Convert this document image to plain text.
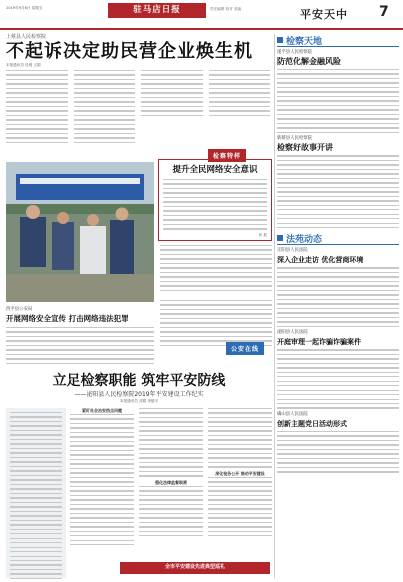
2019年9月6日 星期五	驻马店日报	责任编辑 校对 美编	平安天中 7
上蔡县人民检察院
不起诉决定助民营企业焕生机
本报通讯员 杜明 王娟
检察特样
提升全民网络安全意识
孙 振
西平县公安局
开展网络安全宣传 打击网络违法犯罪
公安在线
立足检察职能 筑牢平安防线
——泌阳县人民检察院2019年平安建设工作纪实
本报通讯员 邓娟 李德平
紧盯社会治安热点问题
强化法律监督职责
深化检务公开 推动平安建设
全市平安建设先进典型巡礼
检察天地
遂平县人民检察院
防范化解金融风险
新蔡县人民检察院
检察好故事开讲
法苑动态
正阳县人民法院
深入企业走访 优化营商环境
泌阳县人民法院
开庭审理一起诈骗诈骗案件
确山县人民法院
创新主题党日活动形式
